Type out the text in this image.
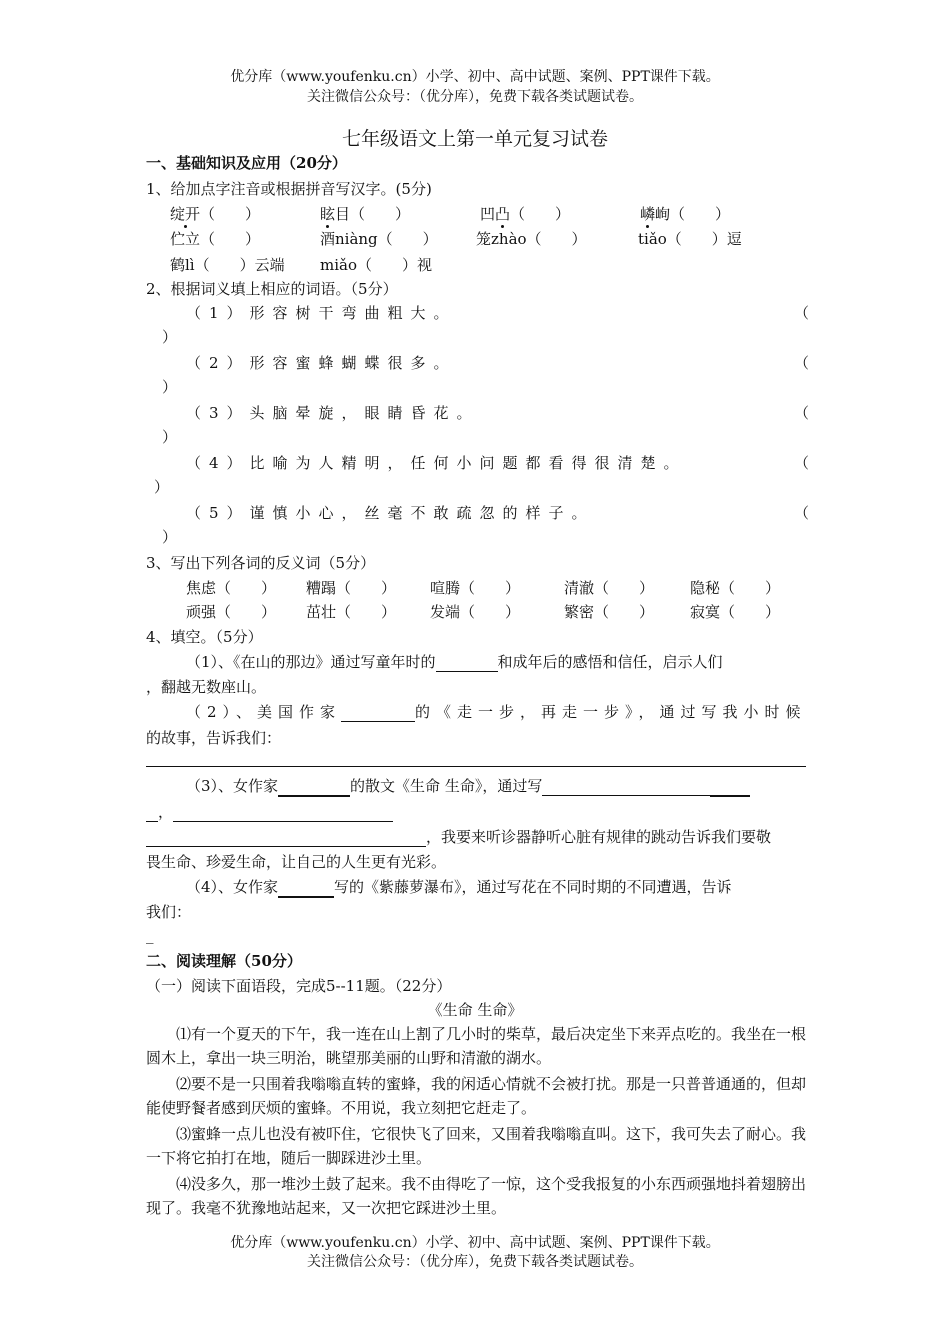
优分库（www.youfenku.cn）小学、初中、高中试题、案例、PPT课件下载。
关注微信公众号：（优分库），免费下载各类试题试卷。
七年级语文上第一单元复习试卷
一、基础知识及应用（20分）
1、给加点字注音或根据拼音写汉字。(5分)
绽开（　　）	眩目（　　）	凹凸（　　）	嶙峋（　　）
伫立（　　）	酒niàng（　　）	笼zhào（　　）	tiǎo（　　）逗
鹤lì（　　）云端 miǎo（　　）视
2、根据词义填上相应的词语。（5分）
（1）形容树干弯曲粗大。	（
）
（2）形容蜜蜂蝴蝶很多。	（
）
（3）头脑晕旋，眼睛昏花。	（
）
（4）比喻为人精明，任何小问题都看得很清楚。	（
）
（5）谨慎小心，丝毫不敢疏忽的样子。	（
）
3、写出下列各词的反义词（5分）
焦虑（　　） 糟蹋（　　） 喧腾（　　）	清澈（　　） 隐秘（　　）
顽强（　　） 茁壮（　　） 发端（　　）	繁密（　　） 寂寞（　　）
4、填空。（5分）
（1）、《在山的那边》通过写童年时的	和成年后的感悟和信任，启示人们
，翻越无数座山。
（2）、美国作家	的《走一步，再走一步》，通过写我小时候
的故事，告诉我们：
（3）、女作家	的散文《生命 生命》，通过写
，
，我要来听诊器静听心脏有规律的跳动告诉我们要敬
畏生命、珍爱生命，让自己的人生更有光彩。
（4）、女作家	写的《紫藤萝瀑布》，通过写花在不同时期的不同遭遇，告诉
我们：
_
二、阅读理解（50分）
（一）阅读下面语段，完成5--11题。（22分）
《生命 生命》
⑴有一个夏天的下午，我一连在山上割了几小时的柴草，最后决定坐下来弄点吃的。我坐在一根圆木上，拿出一块三明治，眺望那美丽的山野和清澈的湖水。
⑵要不是一只围着我嗡嗡直转的蜜蜂，我的闲适心情就不会被打扰。那是一只普普通通的，但却能使野餐者感到厌烦的蜜蜂。不用说，我立刻把它赶走了。
⑶蜜蜂一点儿也没有被吓住，它很快飞了回来，又围着我嗡嗡直叫。这下，我可失去了耐心。我一下将它拍打在地，随后一脚踩进沙土里。
⑷没多久，那一堆沙土鼓了起来。我不由得吃了一惊，这个受我报复的小东西顽强地抖着翅膀出现了。我毫不犹豫地站起来，又一次把它踩进沙土里。
优分库（www.youfenku.cn）小学、初中、高中试题、案例、PPT课件下载。
关注微信公众号：（优分库），免费下载各类试题试卷。
